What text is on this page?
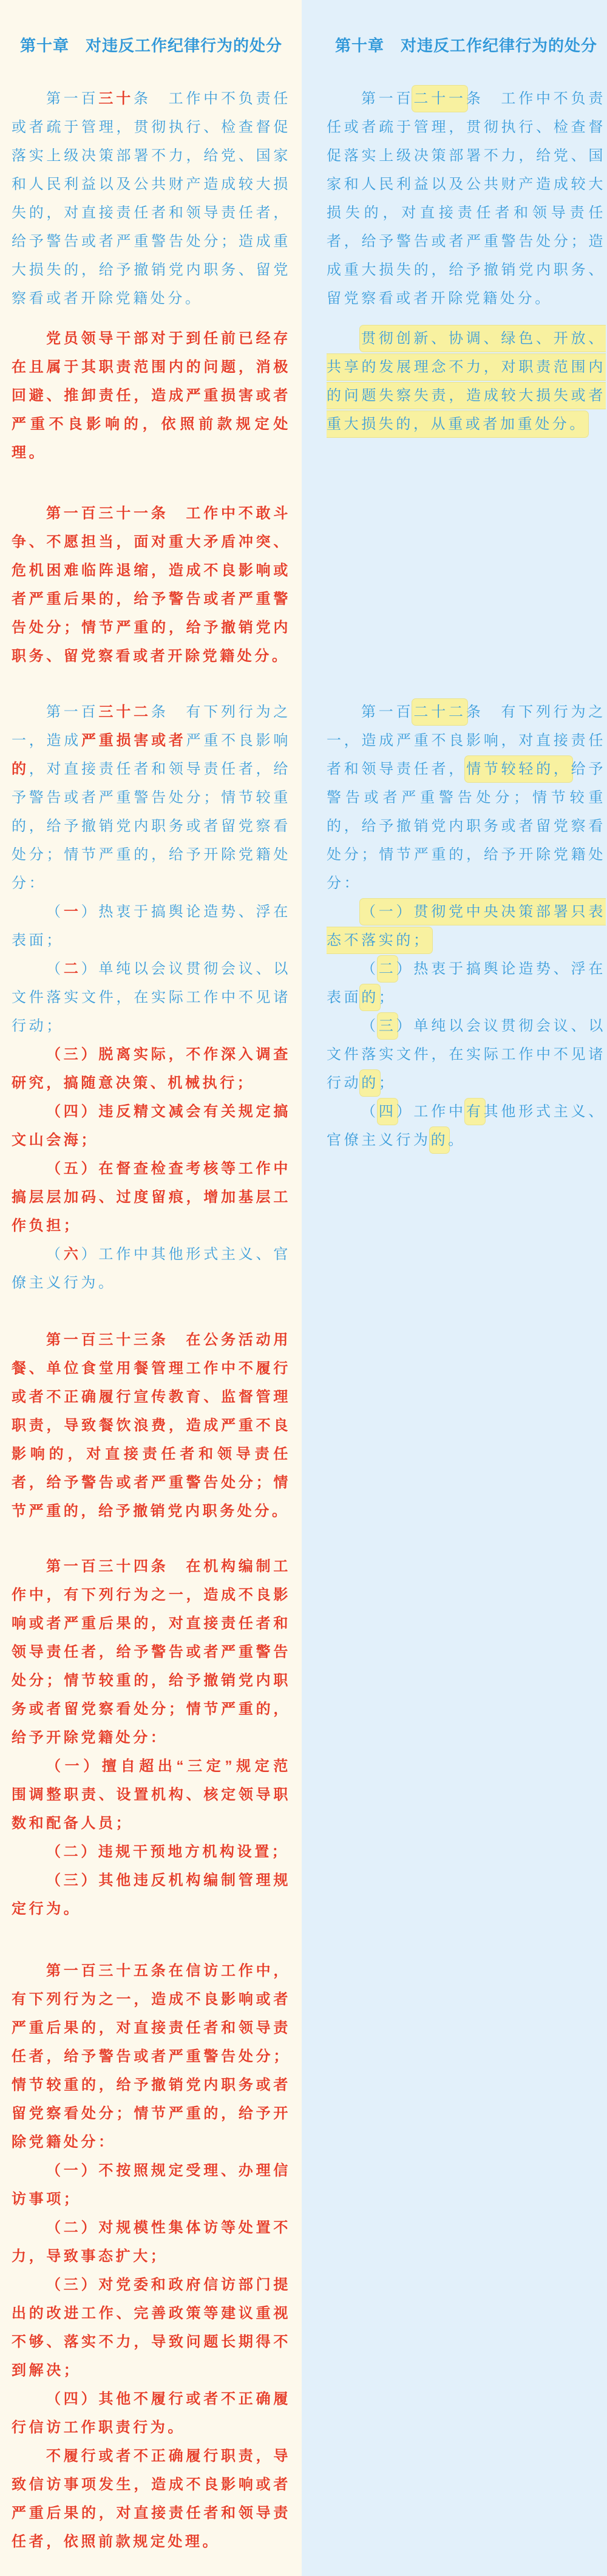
第十章　对违反工作纪律行为的处分
第一百三十条　工作中不负责任或者疏于管理，贯彻执行、检查督促落实上级决策部署不力，给党、国家和人民利益以及公共财产造成较大损失的，对直接责任者和领导责任者，给予警告或者严重警告处分；造成重大损失的，给予撤销党内职务、留党察看或者开除党籍处分。
党员领导干部对于到任前已经存在且属于其职责范围内的问题，消极回避、推卸责任，造成严重损害或者严重不良影响的，依照前款规定处理。
第一百三十一条　工作中不敢斗争、不愿担当，面对重大矛盾冲突、危机困难临阵退缩，造成不良影响或者严重后果的，给予警告或者严重警告处分；情节严重的，给予撤销党内职务、留党察看或者开除党籍处分。
第一百三十二条　有下列行为之一，造成严重损害或者严重不良影响的，对直接责任者和领导责任者，给予警告或者严重警告处分；情节较重的，给予撤销党内职务或者留党察看处分；情节严重的，给予开除党籍处分：
（一）热衷于搞舆论造势、浮在表面；
（二）单纯以会议贯彻会议、以文件落实文件，在实际工作中不见诸行动；
（三）脱离实际，不作深入调查研究，搞随意决策、机械执行；
（四）违反精文减会有关规定搞文山会海；
（五）在督查检查考核等工作中搞层层加码、过度留痕，增加基层工作负担；
（六）工作中其他形式主义、官僚主义行为。
第一百三十三条　在公务活动用餐、单位食堂用餐管理工作中不履行或者不正确履行宣传教育、监督管理职责，导致餐饮浪费，造成严重不良影响的，对直接责任者和领导责任者，给予警告或者严重警告处分；情节严重的，给予撤销党内职务处分。
第一百三十四条　在机构编制工作中，有下列行为之一，造成不良影响或者严重后果的，对直接责任者和领导责任者，给予警告或者严重警告处分；情节较重的，给予撤销党内职务或者留党察看处分；情节严重的，给予开除党籍处分：
（一）擅自超出“三定”规定范围调整职责、设置机构、核定领导职数和配备人员；
（二）违规干预地方机构设置；
（三）其他违反机构编制管理规定行为。
第一百三十五条在信访工作中，有下列行为之一，造成不良影响或者严重后果的，对直接责任者和领导责任者，给予警告或者严重警告处分；情节较重的，给予撤销党内职务或者留党察看处分；情节严重的，给予开除党籍处分：
（一）不按照规定受理、办理信访事项；
（二）对规模性集体访等处置不力，导致事态扩大；
（三）对党委和政府信访部门提出的改进工作、完善政策等建议重视不够、落实不力，导致问题长期得不到解决；
（四）其他不履行或者不正确履行信访工作职责行为。
不履行或者不正确履行职责，导致信访事项发生，造成不良影响或者严重后果的，对直接责任者和领导责任者，依照前款规定处理。
第十章　对违反工作纪律行为的处分
第一百二十一条　工作中不负责任或者疏于管理，贯彻执行、检查督促落实上级决策部署不力，给党、国家和人民利益以及公共财产造成较大损失的，对直接责任者和领导责任者，给予警告或者严重警告处分；造成重大损失的，给予撤销党内职务、留党察看或者开除党籍处分。
贯彻创新、协调、绿色、开放、共享的发展理念不力，对职责范围内的问题失察失责，造成较大损失或者重大损失的，从重或者加重处分。
第一百二十二条　有下列行为之一，造成严重不良影响，对直接责任者和领导责任者，情节较轻的，给予警告或者严重警告处分；情节较重的，给予撤销党内职务或者留党察看处分；情节严重的，给予开除党籍处分：
（一）贯彻党中央决策部署只表态不落实的；
（二）热衷于搞舆论造势、浮在表面的；
（三）单纯以会议贯彻会议、以文件落实文件，在实际工作中不见诸行动的；
（四）工作中有其他形式主义、官僚主义行为的。
